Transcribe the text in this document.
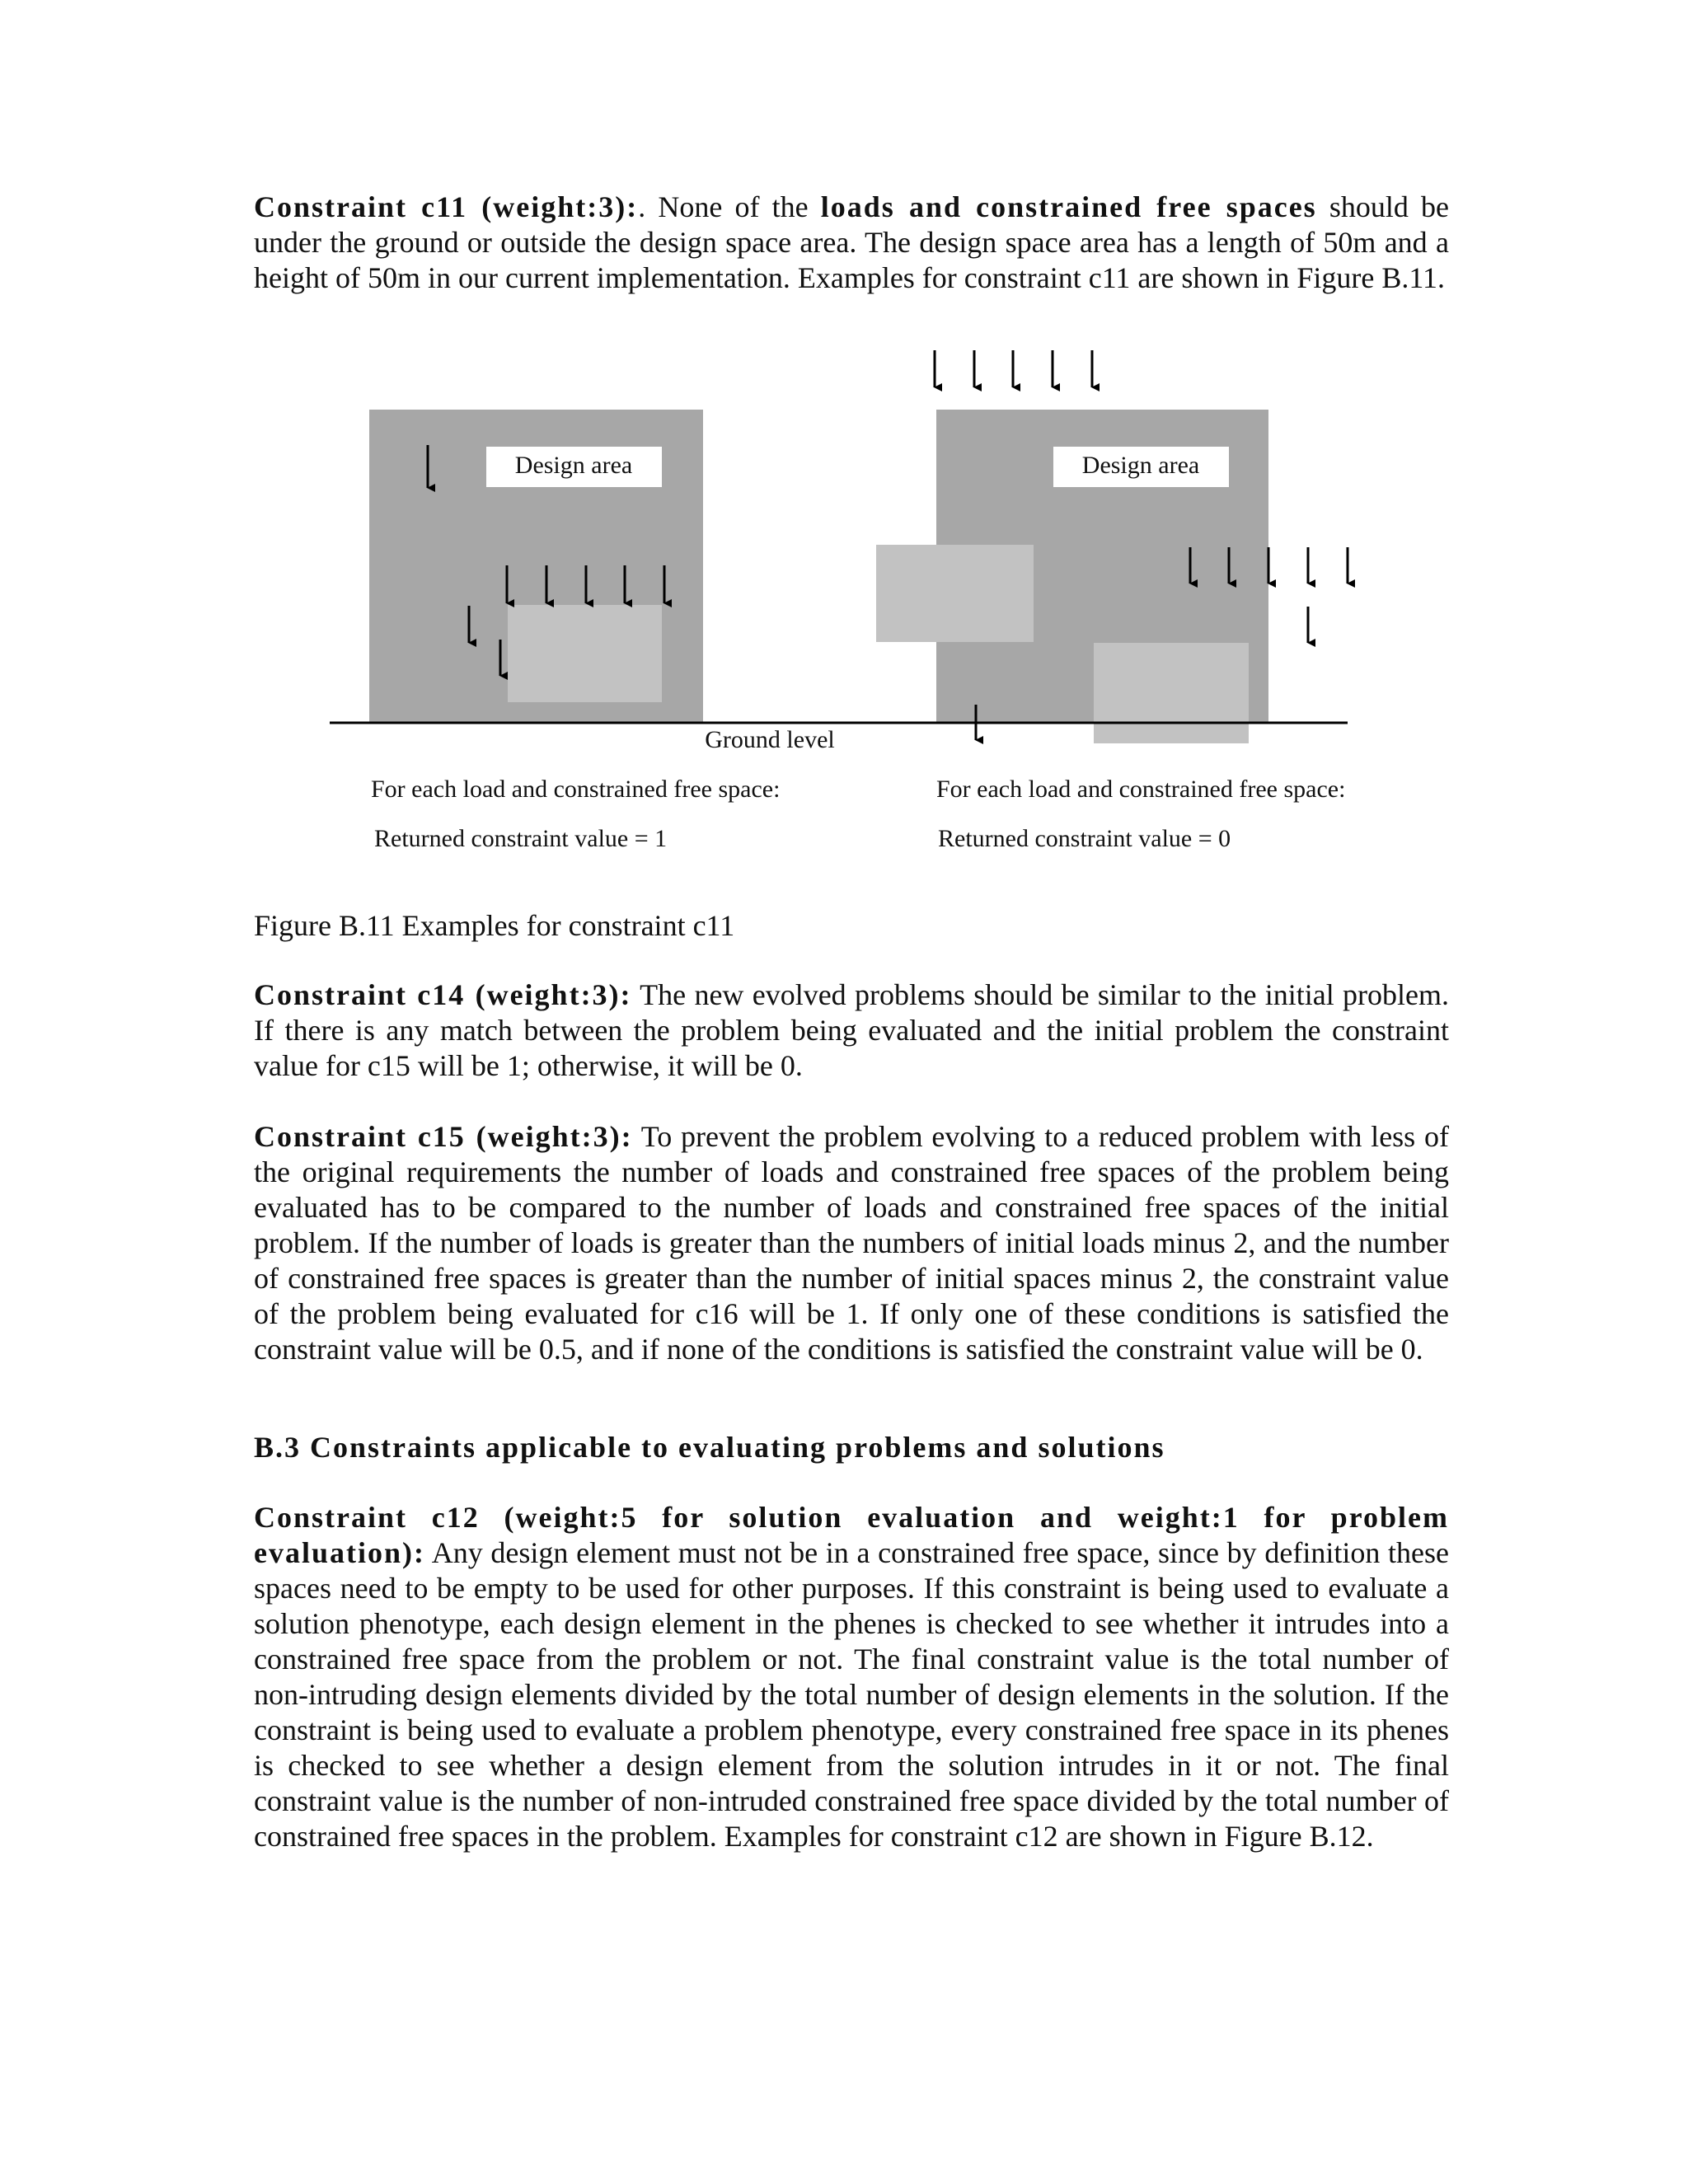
Constraint c11 (weight:3):. None of the loads and constrained free spaces should be under the ground or outside the design space area. The design space area has a length of 50m and a height of 50m in our current implementation. Examples for constraint c11 are shown in Figure B.11.

Design area	Design area
Ground level
For each load and constrained free space:
Returned constraint value = 1
For each load and constrained free space:
Returned constraint value = 0
Figure B.11 Examples for constraint c11

Constraint c14 (weight:3): The new evolved problems should be similar to the initial problem. If there is any match between the problem being evaluated and the initial problem the constraint value for c15 will be 1; otherwise, it will be 0.

Constraint c15 (weight:3): To prevent the problem evolving to a reduced problem with less of the original requirements the number of loads and constrained free spaces of the problem being evaluated has to be compared to the number of loads and constrained free spaces of the initial problem. If the number of loads is greater than the numbers of initial loads minus 2, and the number of constrained free spaces is greater than the number of initial spaces minus 2, the constraint value of the problem being evaluated for c16 will be 1. If only one of these conditions is satisfied the constraint value will be 0.5, and if none of the conditions is satisfied the constraint value will be 0.

B.3 Constraints applicable to evaluating problems and solutions

Constraint c12 (weight:5 for solution evaluation and weight:1 for problem evaluation): Any design element must not be in a constrained free space, since by definition these spaces need to be empty to be used for other purposes. If this constraint is being used to evaluate a solution phenotype, each design element in the phenes is checked to see whether it intrudes into a constrained free space from the problem or not. The final constraint value is the total number of non-intruding design elements divided by the total number of design elements in the solution. If the constraint is being used to evaluate a problem phenotype, every constrained free space in its phenes is checked to see whether a design element from the solution intrudes in it or not. The final constraint value is the number of non-intruded constrained free space divided by the total number of constrained free spaces in the problem. Examples for constraint c12 are shown in Figure B.12.
